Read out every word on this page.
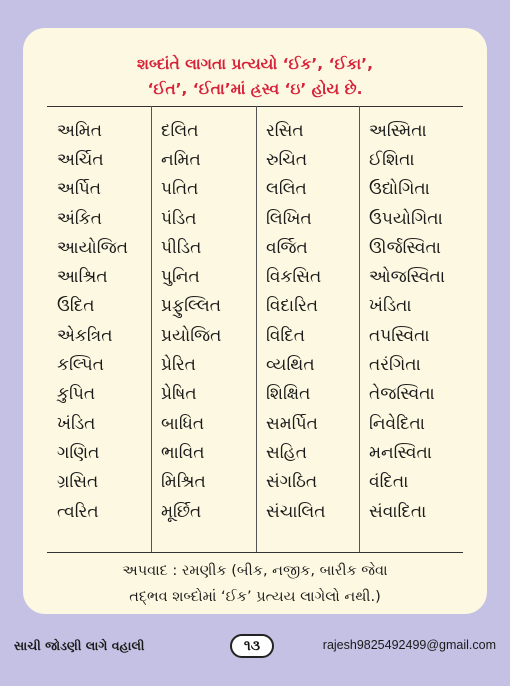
શબ્દાંતે લાગતા પ્રત્યયો ‘ઈક’, ‘ઈકા’,
‘ઈત’, ‘ઈતા’માં હ્રસ્વ ‘ઇ’ હોય છે.
અમિત	દલિત	રસિત	અસ્મિતા
અર્ચિત	નમિત	રુચિત	ઈશિતા
અર્પિત	પતિત	લલિત	ઉદ્યોગિતા
અંકિત	પંડિત	લિખિત	ઉપયોગિતા
આયોજિત	પીડિત	વર્જિત	ઊર્જસ્વિતા
આશ્રિત	પુનિત	વિકસિત	ઓજસ્વિતા
ઉદિત	પ્રફુલ્લિત	વિદારિત	ખંડિતા
એકત્રિત	પ્રયોજિત	વિદિત	તપસ્વિતા
કલ્પિત	પ્રેરિત	વ્યથિત	તરંગિતા
કુપિત	પ્રેષિત	શિક્ષિત	તેજસ્વિતા
ખંડિત	બાધિત	સમર્પિત	નિવેદિતા
ગણિત	ભાવિત	સહિત	મનસ્વિતા
ગ્રસિત	મિશ્રિત	સંગઠિત	વંદિતા
ત્વરિત	મૂર્છિત	સંચાલિત	સંવાદિતા
અપવાદ : રમણીક (બીક, નજીક, બારીક જેવા
તદ્ભવ શબ્દોમાં ‘ઈક’ પ્રત્યય લાગેલો નથી.)
સાચી જોડણી લાગે વહાલી	૧૩	rajesh9825492499@gmail.com
